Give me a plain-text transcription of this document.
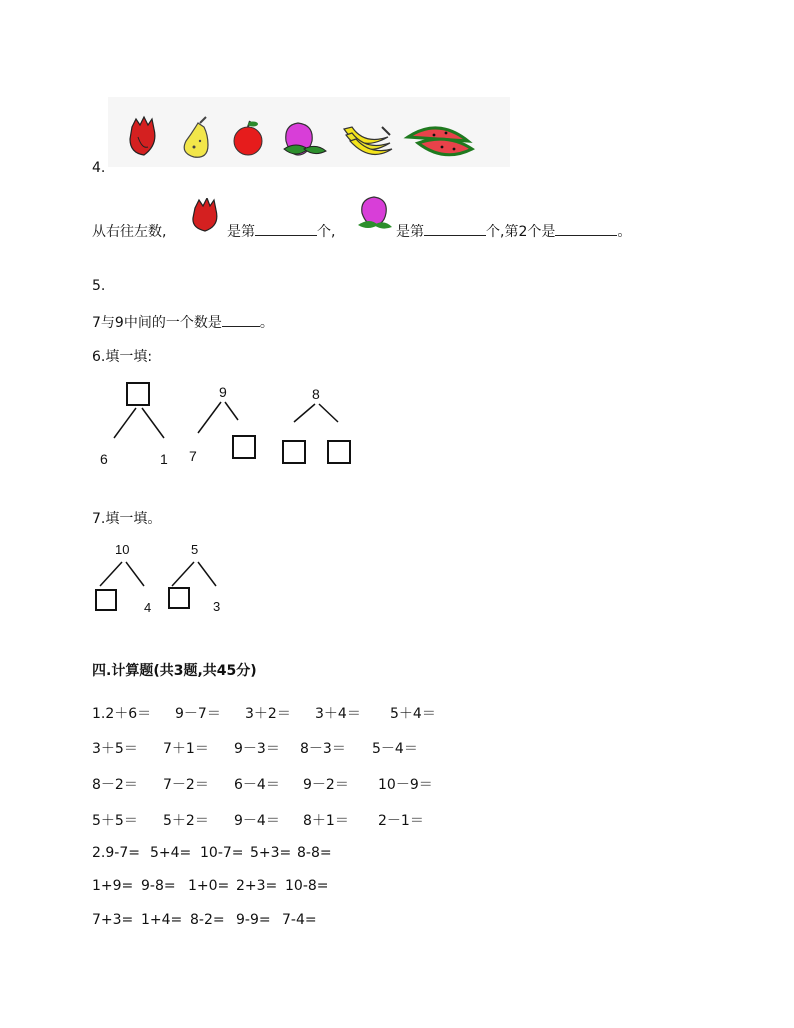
4.
从右往左数,	是第	个,	是第	个,第2个是	。
5.
7与9中间的一个数是	。
6.填一填:
6	1
9
7
8
7.填一填。
10
4
5
3
四.计算题(共3题,共45分)
1.2＋6＝ 9－7＝ 3＋2＝ 3＋4＝ 5＋4＝
3＋5＝ 7＋1＝ 9－3＝ 8－3＝ 5－4＝
8－2＝ 7－2＝ 6－4＝ 9－2＝ 10－9＝
5＋5＝ 5＋2＝ 9－4＝ 8＋1＝ 2－1＝
2.9-7= 5+4= 10-7= 5+3= 8-8=
1+9= 9-8= 1+0= 2+3= 10-8=
7+3= 1+4= 8-2= 9-9= 7-4=
